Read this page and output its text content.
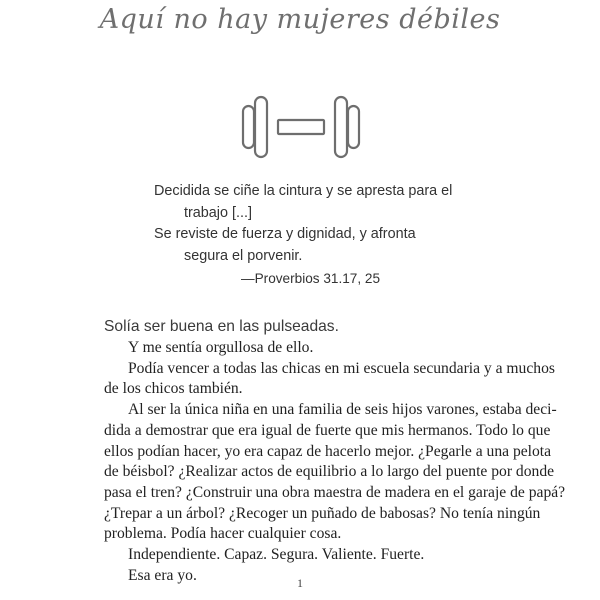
Aquí no hay mujeres débiles
Decidida se ciñe la cintura y se apresta para el
trabajo [...]
Se reviste de fuerza y dignidad, y afronta
segura el porvenir.
—Proverbios 31.17, 25
Solía ser buena en las pulseadas.
Y me sentía orgullosa de ello.
Podía vencer a todas las chicas en mi escuela secundaria y a muchos
de los chicos también.
Al ser la única niña en una familia de seis hijos varones, estaba deci-
dida a demostrar que era igual de fuerte que mis hermanos. Todo lo que
ellos podían hacer, yo era capaz de hacerlo mejor. ¿Pegarle a una pelota
de béisbol? ¿Realizar actos de equilibrio a lo largo del puente por donde
pasa el tren? ¿Construir una obra maestra de madera en el garaje de papá?
¿Trepar a un árbol? ¿Recoger un puñado de babosas? No tenía ningún
problema. Podía hacer cualquier cosa.
Independiente. Capaz. Segura. Valiente. Fuerte.
Esa era yo.	1
